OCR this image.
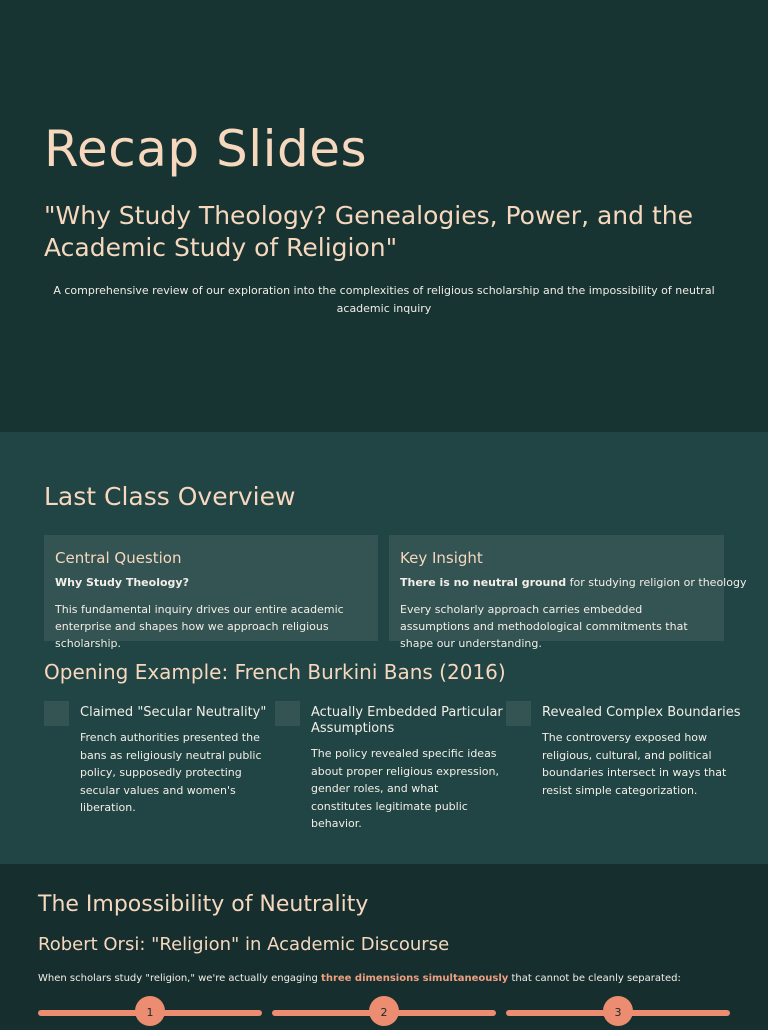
Recap Slides
"Why Study Theology? Genealogies, Power, and the Academic Study of Religion"

A comprehensive review of our exploration into the complexities of religious scholarship and the impossibility of neutral academic inquiry

Last Class Overview
Central Question
Why Study Theology?
This fundamental inquiry drives our entire academic enterprise and shapes how we approach religious scholarship.
Key Insight
There is no neutral ground for studying religion or theology
Every scholarly approach carries embedded assumptions and methodological commitments that shape our understanding.
Opening Example: French Burkini Bans (2016)
Claimed "Secular Neutrality"
French authorities presented the bans as religiously neutral public policy, supposedly protecting secular values and women's liberation.
Actually Embedded Particular Assumptions
The policy revealed specific ideas about proper religious expression, gender roles, and what constitutes legitimate public behavior.
Revealed Complex Boundaries
The controversy exposed how religious, cultural, and political boundaries intersect in ways that resist simple categorization.
The Impossibility of Neutrality
Robert Orsi: "Religion" in Academic Discourse
When scholars study "religion," we're actually engaging three dimensions simultaneously that cannot be cleanly separated:
1	2	3
